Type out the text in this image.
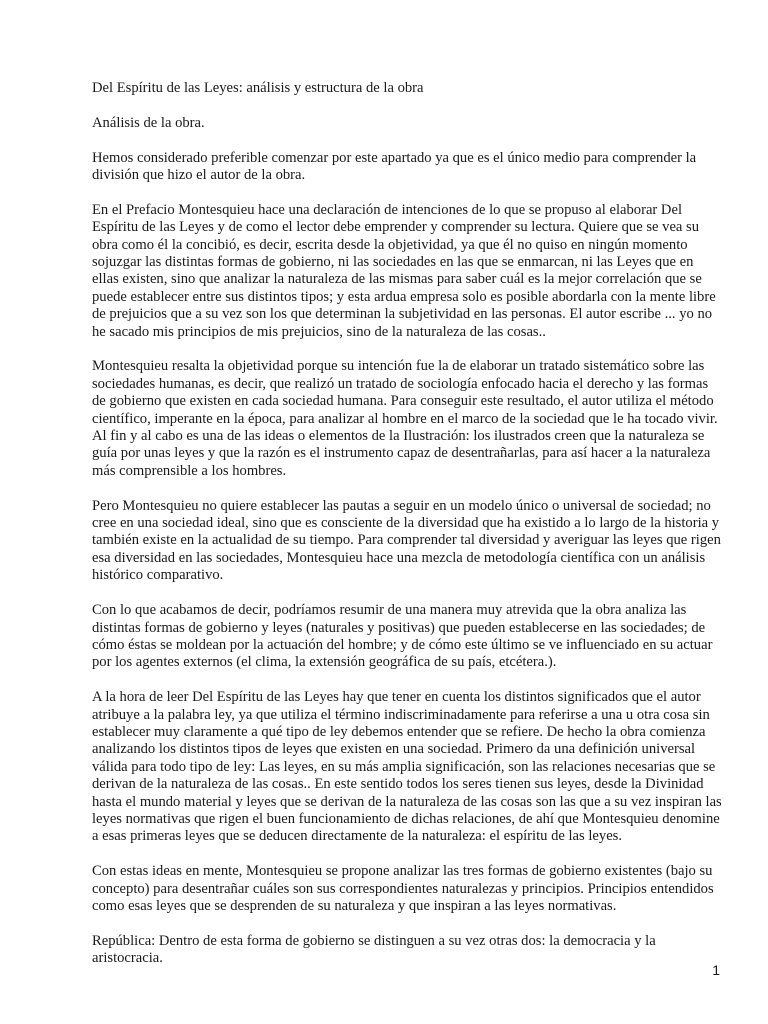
Del Espíritu de las Leyes: análisis y estructura de la obra

Análisis de la obra.

Hemos considerado preferible comenzar por este apartado ya que es el único medio para comprender la división que hizo el autor de la obra.

En el Prefacio Montesquieu hace una declaración de intenciones de lo que se propuso al elaborar Del Espíritu de las Leyes y de como el lector debe emprender y comprender su lectura. Quiere que se vea su obra como él la concibió, es decir, escrita desde la objetividad, ya que él no quiso en ningún momento sojuzgar las distintas formas de gobierno, ni las sociedades en las que se enmarcan, ni las Leyes que en ellas existen, sino que analizar la naturaleza de las mismas para saber cuál es la mejor correlación que se puede establecer entre sus distintos tipos; y esta ardua empresa solo es posible abordarla con la mente libre de prejuicios que a su vez son los que determinan la subjetividad en las personas. El autor escribe ... yo no he sacado mis principios de mis prejuicios, sino de la naturaleza de las cosas..

Montesquieu resalta la objetividad porque su intención fue la de elaborar un tratado sistemático sobre las sociedades humanas, es decir, que realizó un tratado de sociología enfocado hacia el derecho y las formas de gobierno que existen en cada sociedad humana. Para conseguir este resultado, el autor utiliza el método científico, imperante en la época, para analizar al hombre en el marco de la sociedad que le ha tocado vivir. Al fin y al cabo es una de las ideas o elementos de la Ilustración: los ilustrados creen que la naturaleza se guía por unas leyes y que la razón es el instrumento capaz de desentrañarlas, para así hacer a la naturaleza más comprensible a los hombres.

Pero Montesquieu no quiere establecer las pautas a seguir en un modelo único o universal de sociedad; no cree en una sociedad ideal, sino que es consciente de la diversidad que ha existido a lo largo de la historia y también existe en la actualidad de su tiempo. Para comprender tal diversidad y averiguar las leyes que rigen esa diversidad en las sociedades, Montesquieu hace una mezcla de metodología científica con un análisis histórico comparativo.

Con lo que acabamos de decir, podríamos resumir de una manera muy atrevida que la obra analiza las distintas formas de gobierno y leyes (naturales y positivas) que pueden establecerse en las sociedades; de cómo éstas se moldean por la actuación del hombre; y de cómo este último se ve influenciado en su actuar por los agentes externos (el clima, la extensión geográfica de su país, etcétera.).

A la hora de leer Del Espíritu de las Leyes hay que tener en cuenta los distintos significados que el autor atribuye a la palabra ley, ya que utiliza el término indiscriminadamente para referirse a una u otra cosa sin establecer muy claramente a qué tipo de ley debemos entender que se refiere. De hecho la obra comienza analizando los distintos tipos de leyes que existen en una sociedad. Primero da una definición universal válida para todo tipo de ley: Las leyes, en su más amplia significación, son las relaciones necesarias que se derivan de la naturaleza de las cosas.. En este sentido todos los seres tienen sus leyes, desde la Divinidad hasta el mundo material y leyes que se derivan de la naturaleza de las cosas son las que a su vez inspiran las leyes normativas que rigen el buen funcionamiento de dichas relaciones, de ahí que Montesquieu denomine a esas primeras leyes que se deducen directamente de la naturaleza: el espíritu de las leyes.

Con estas ideas en mente, Montesquieu se propone analizar las tres formas de gobierno existentes (bajo su concepto) para desentrañar cuáles son sus correspondientes naturalezas y principios. Principios entendidos como esas leyes que se desprenden de su naturaleza y que inspiran a las leyes normativas.

República: Dentro de esta forma de gobierno se distinguen a su vez otras dos: la democracia y la aristocracia.

1
